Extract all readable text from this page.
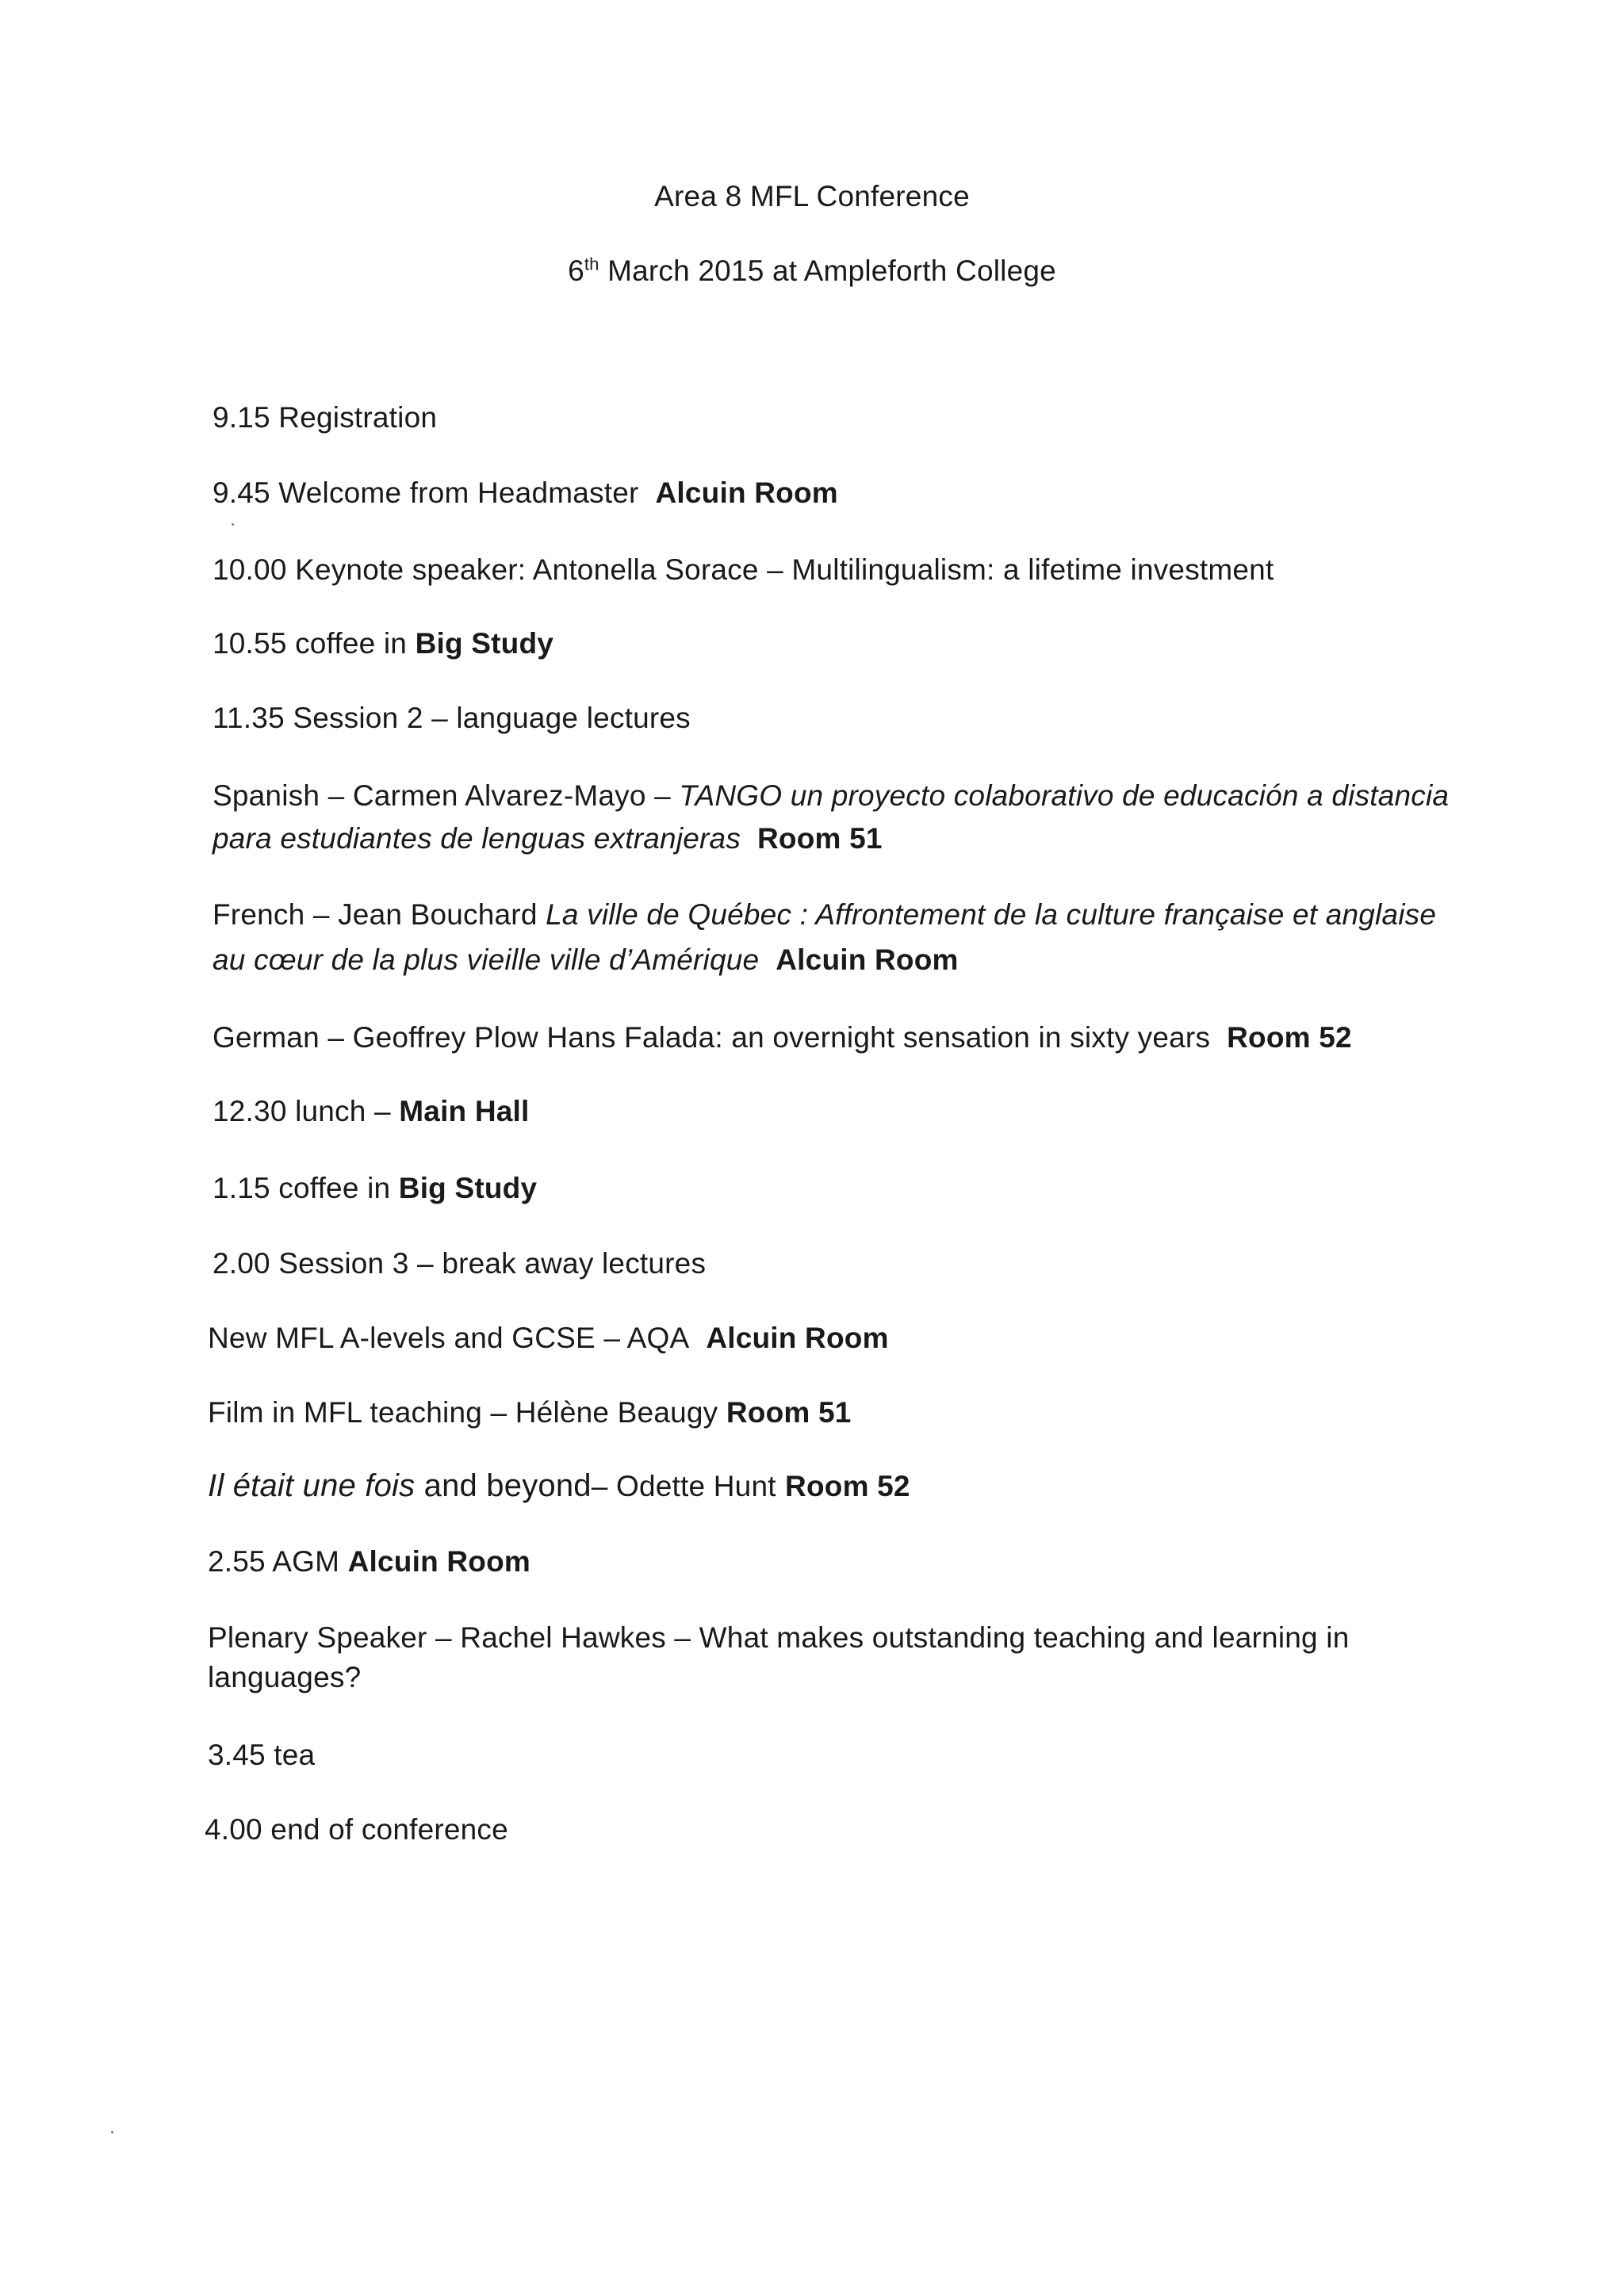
Area 8 MFL Conference

6th March 2015 at Ampleforth College

9.15 Registration

9.45 Welcome from Headmaster Alcuin Room

10.00 Keynote speaker: Antonella Sorace – Multilingualism: a lifetime investment

10.55 coffee in Big Study

11.35 Session 2 – language lectures

Spanish – Carmen Alvarez-Mayo – TANGO un proyecto colaborativo de educación a distancia

para estudiantes de lenguas extranjeras Room 51

French – Jean Bouchard La ville de Québec : Affrontement de la culture française et anglaise

au cœur de la plus vieille ville d’Amérique Alcuin Room

German – Geoffrey Plow Hans Falada: an overnight sensation in sixty years Room 52

12.30 lunch – Main Hall

1.15 coffee in Big Study

2.00 Session 3 – break away lectures

New MFL A-levels and GCSE – AQA Alcuin Room

Film in MFL teaching – Hélène Beaugy Room 51

Il était une fois and beyond– Odette Hunt Room 52

2.55 AGM Alcuin Room

Plenary Speaker – Rachel Hawkes – What makes outstanding teaching and learning in

languages?

3.45 tea

4.00 end of conference
